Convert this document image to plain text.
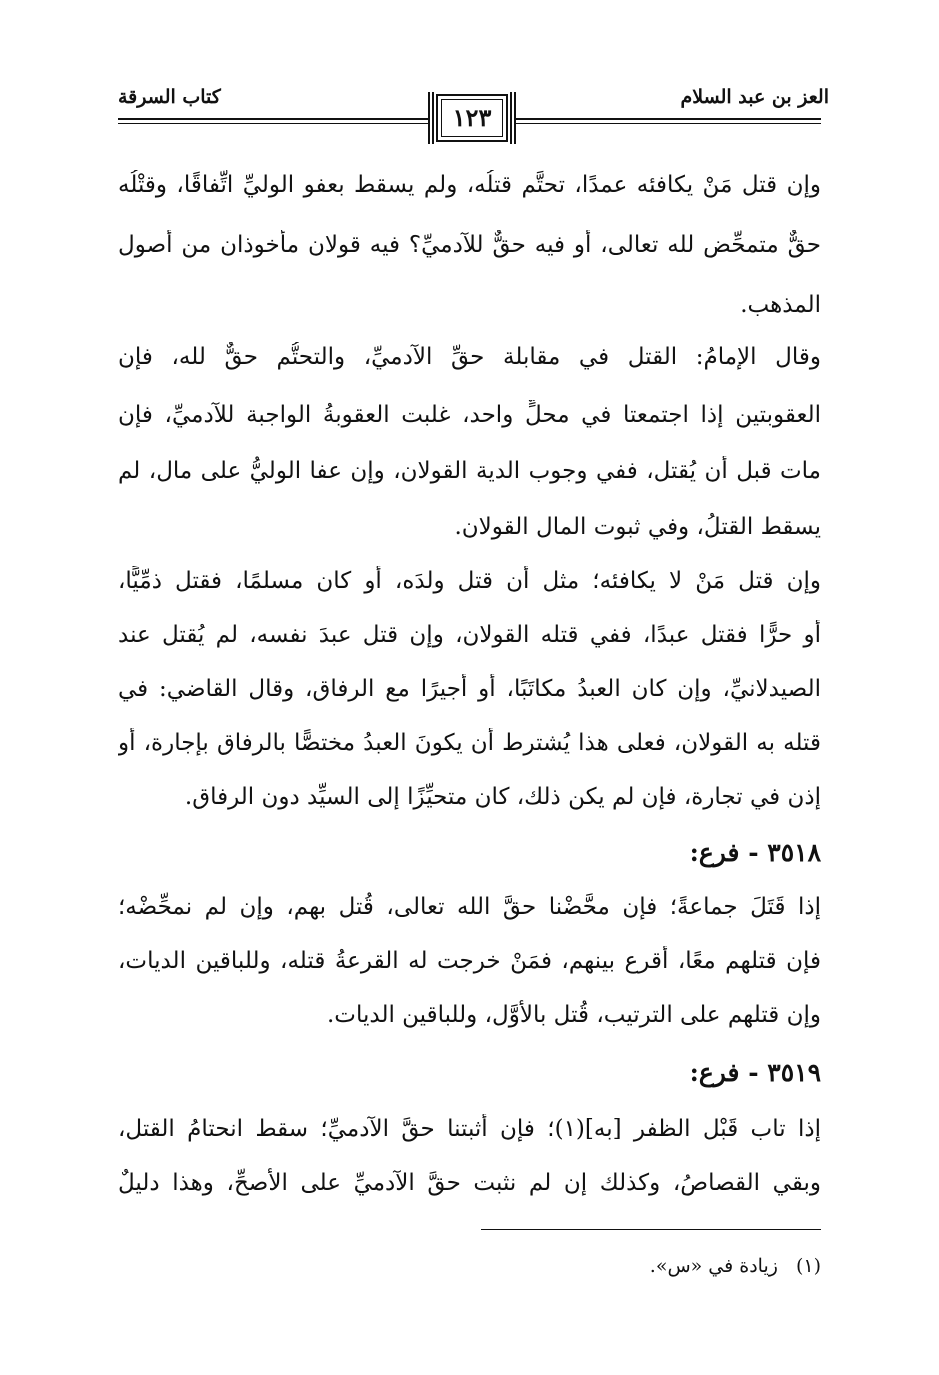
العز بن عبد السلام
كتاب السرقة
١٢٣
وإن قتل مَنْ يكافئه عمدًا، تحتَّم قتلُه، ولم يسقط بعفو الوليِّ اتِّفاقًا، وقتْلُه
حقٌّ متمحِّض لله تعالى، أو فيه حقٌّ للآدميِّ؟ فيه قولان مأخوذان من أصول
المذهب.
وقال الإمامُ: القتل في مقابلة حقِّ الآدميِّ، والتحتُّم حقٌّ لله، فإن
العقوبتين إذا اجتمعتا في محلٍّ واحد، غلبت العقوبةُ الواجبة للآدميِّ، فإن
مات قبل أن يُقتل، ففي وجوب الدية القولان، وإن عفا الوليُّ على مال، لم
يسقط القتلُ، وفي ثبوت المال القولان.
وإن قتل مَنْ لا يكافئه؛ مثل أن قتل ولدَه، أو كان مسلمًا، فقتل ذمِّيًّا،
أو حرًّا فقتل عبدًا، ففي قتله القولان، وإن قتل عبدَ نفسه، لم يُقتل عند
الصيدلانيِّ، وإن كان العبدُ مكاتَبًا، أو أجيرًا مع الرفاق، وقال القاضي: في
قتله به القولان، فعلى هذا يُشترط أن يكونَ العبدُ مختصًّا بالرفاق بإجارة، أو
إذن في تجارة، فإن لم يكن ذلك، كان متحيِّزًا إلى السيِّد دون الرفاق.
٣٥١٨ - فرع:
إذا قَتَلَ جماعةً؛ فإن محَّضْنا حقَّ الله تعالى، قُتل بهم، وإن لم نمحِّضْه؛
فإن قتلهم معًا، أُقرع بينهم، فمَنْ خرجت له القرعةُ قتله، وللباقين الديات،
وإن قتلهم على الترتيب، قُتل بالأوَّل، وللباقين الديات.
٣٥١٩ - فرع:
إذا تاب قَبْل الظفر [به](١)؛ فإن أثبتنا حقَّ الآدميِّ؛ سقط انحتامُ القتل،
وبقي القصاصُ، وكذلك إن لم نثبت حقَّ الآدميِّ على الأصحِّ، وهذا دليلٌ
(١)زيادة في «س».
